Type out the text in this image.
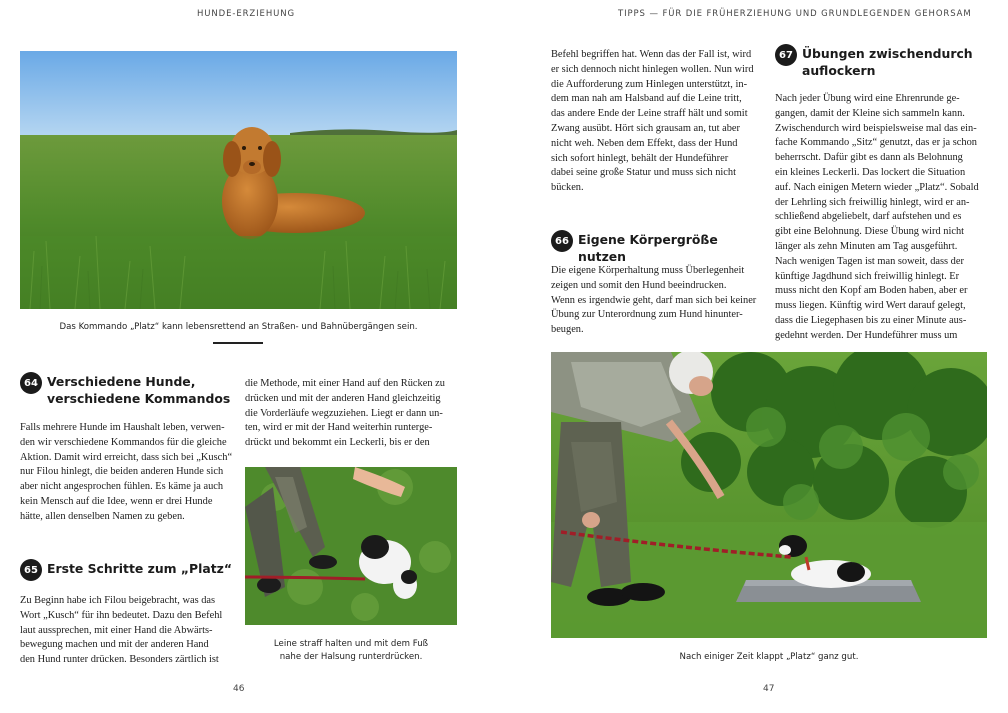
HUNDE-ERZIEHUNG	TIPPS — FÜR DIE FRÜHERZIEHUNG UND GRUNDLEGENDEN GEHORSAM
Das Kommando „Platz“ kann lebensrettend an Straßen- und Bahnübergängen sein.
64 Verschiedene Hunde,
verschiedene Kommandos

Falls mehrere Hunde im Haushalt leben, verwen-

den wir verschiedene Kommandos für die gleiche

Aktion. Damit wird erreicht, dass sich bei „Kusch“

nur Filou hinlegt, die beiden anderen Hunde sich

aber nicht angesprochen fühlen. Es käme ja auch

kein Mensch auf die Idee, wenn er drei Hunde

hätte, allen denselben Namen zu geben.

65 Erste Schritte zum „Platz“

Zu Beginn habe ich Filou beigebracht, was das

Wort „Kusch“ für ihn bedeutet. Dazu den Befehl

laut aussprechen, mit einer Hand die Abwärts-

bewegung machen und mit der anderen Hand

den Hund runter drücken. Besonders zärtlich ist

die Methode, mit einer Hand auf den Rücken zu

drücken und mit der anderen Hand gleichzeitig

die Vorderläufe wegzuziehen. Liegt er dann un-

ten, wird er mit der Hand weiterhin runterge-

drückt und bekommt ein Leckerli, bis er den

Leine straff halten und mit dem Fuß
nahe der Halsung runterdrücken.
46

Befehl begriffen hat. Wenn das der Fall ist, wird

er sich dennoch nicht hinlegen wollen. Nun wird

die Aufforderung zum Hinlegen unterstützt, in-

dem man nah am Halsband auf die Leine tritt,

das andere Ende der Leine straff hält und somit

Zwang ausübt. Hört sich grausam an, tut aber

nicht weh. Neben dem Effekt, dass der Hund

sich sofort hinlegt, behält der Hundeführer

dabei seine große Statur und muss sich nicht

bücken.

66 Eigene Körpergröße nutzen

Die eigene Körperhaltung muss Überlegenheit

zeigen und somit den Hund beeindrucken.

Wenn es irgendwie geht, darf man sich bei keiner

Übung zur Unterordnung zum Hund hinunter-

beugen.

67 Übungen zwischendurch
auflockern

Nach jeder Übung wird eine Ehrenrunde ge-

gangen, damit der Kleine sich sammeln kann.

Zwischendurch wird beispielsweise mal das ein-

fache Kommando „Sitz“ genutzt, das er ja schon

beherrscht. Dafür gibt es dann als Belohnung

ein kleines Leckerli. Das lockert die Situation

auf. Nach einigen Metern wieder „Platz“. Sobald

der Lehrling sich freiwillig hinlegt, wird er an-

schließend abgeliebelt, darf aufstehen und es

gibt eine Belohnung. Diese Übung wird nicht

länger als zehn Minuten am Tag ausgeführt.

Nach wenigen Tagen ist man soweit, dass der

künftige Jagdhund sich freiwillig hinlegt. Er

muss nicht den Kopf am Boden haben, aber er

muss liegen. Künftig wird Wert darauf gelegt,

dass die Liegephasen bis zu einer Minute aus-

gedehnt werden. Der Hundeführer muss um

Nach einiger Zeit klappt „Platz“ ganz gut.
47
